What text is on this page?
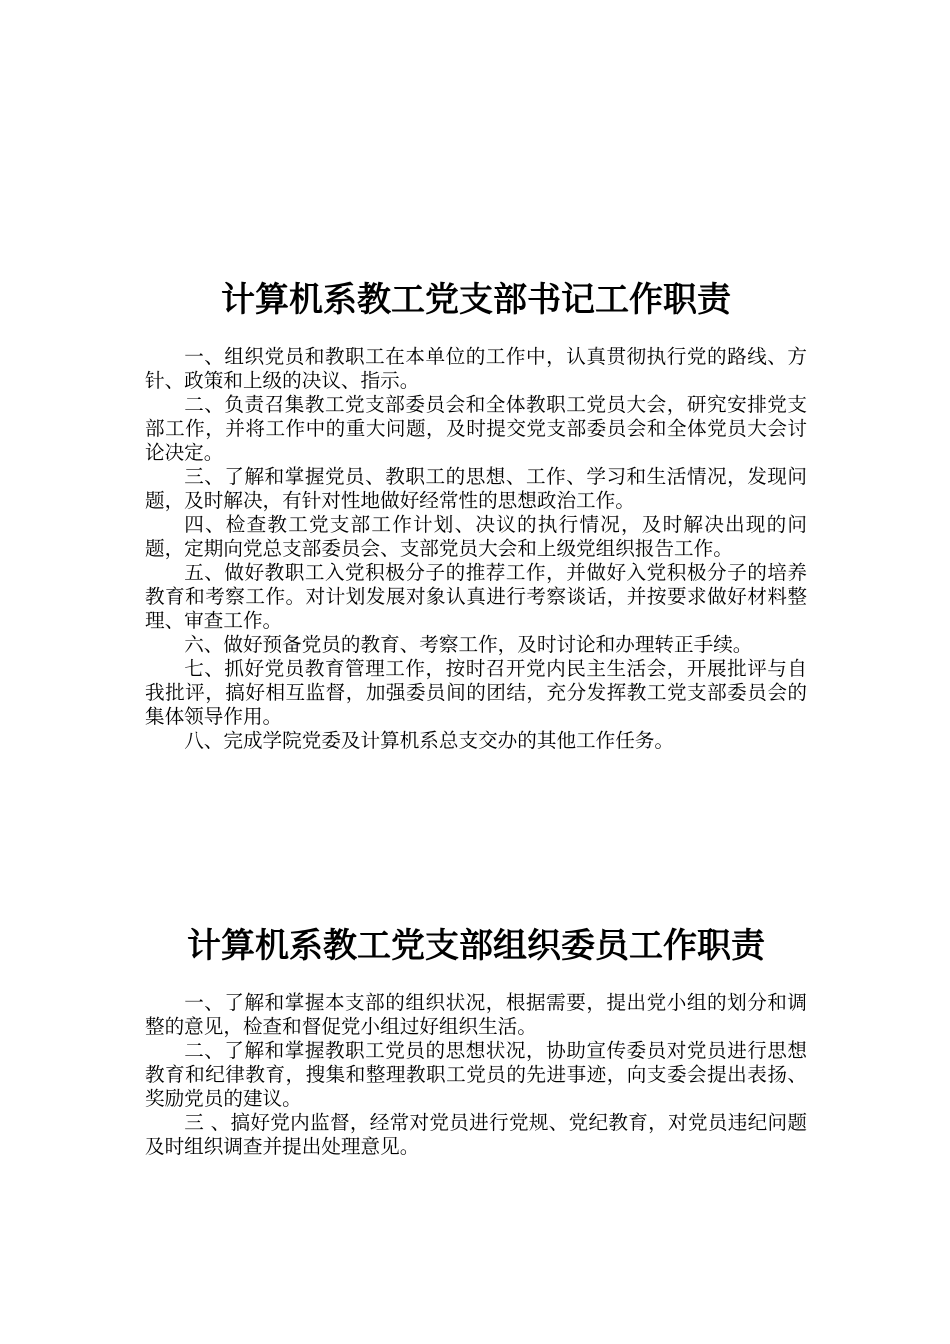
计算机系教工党支部书记工作职责

一、组织党员和教职工在本单位的工作中，认真贯彻执行党的路线、方针、政策和上级的决议、指示。

二、负责召集教工党支部委员会和全体教职工党员大会，研究安排党支部工作，并将工作中的重大问题，及时提交党支部委员会和全体党员大会讨论决定。

三、了解和掌握党员、教职工的思想、工作、学习和生活情况，发现问题，及时解决，有针对性地做好经常性的思想政治工作。

四、检查教工党支部工作计划、决议的执行情况，及时解决出现的问题，定期向党总支部委员会、支部党员大会和上级党组织报告工作。

五、做好教职工入党积极分子的推荐工作，并做好入党积极分子的培养教育和考察工作。对计划发展对象认真进行考察谈话，并按要求做好材料整理、审查工作。

六、做好预备党员的教育、考察工作，及时讨论和办理转正手续。

七、抓好党员教育管理工作，按时召开党内民主生活会，开展批评与自我批评，搞好相互监督，加强委员间的团结，充分发挥教工党支部委员会的集体领导作用。

八、完成学院党委及计算机系总支交办的其他工作任务。

计算机系教工党支部组织委员工作职责

一、了解和掌握本支部的组织状况，根据需要，提出党小组的划分和调整的意见，检查和督促党小组过好组织生活。

二、了解和掌握教职工党员的思想状况，协助宣传委员对党员进行思想教育和纪律教育，搜集和整理教职工党员的先进事迹，向支委会提出表扬、奖励党员的建议。

三 、搞好党内监督，经常对党员进行党规、党纪教育，对党员违纪问题及时组织调查并提出处理意见。
